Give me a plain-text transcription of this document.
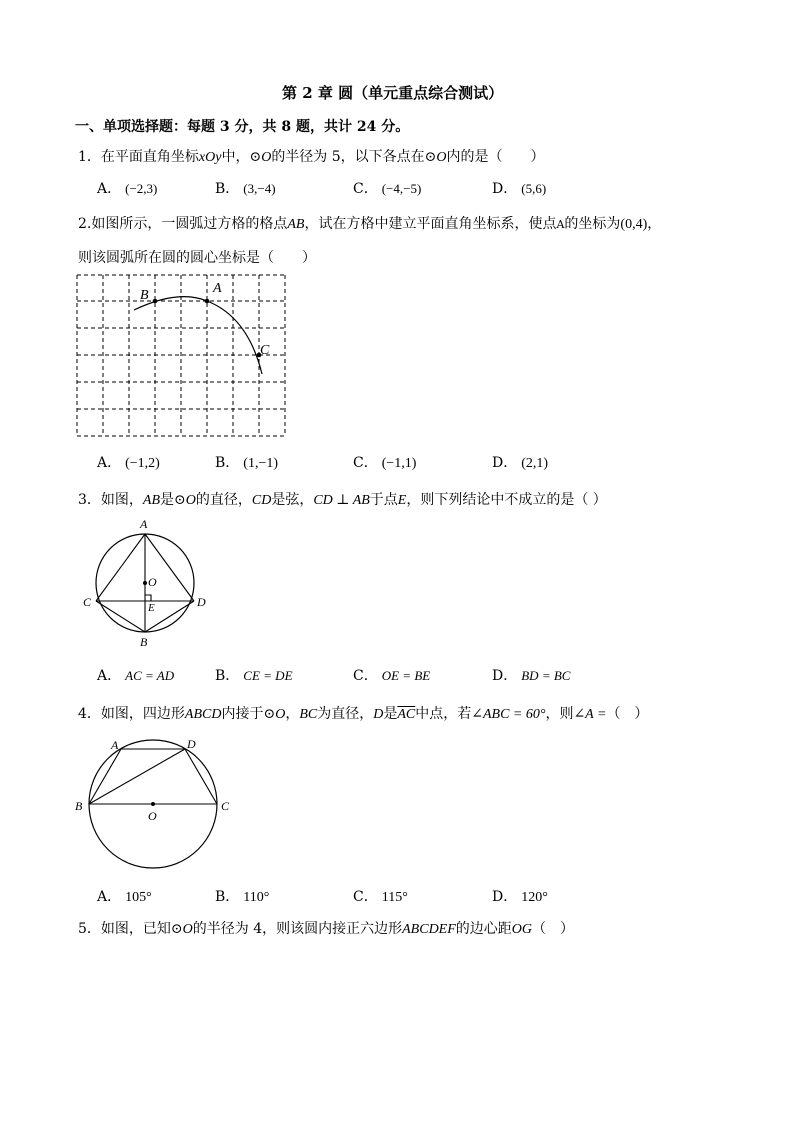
第 2 章 圆（单元重点综合测试）
一、单项选择题：每题 3 分，共 8 题，共计 24 分。
1．在平面直角坐标xOy中，⊙O的半径为 5，以下各点在⊙O内的是（　　）
A． (−2,3)	B． (3,−4)	C． (−4,−5)	D． (5,6)
2.如图所示，一圆弧过方格的格点AB，试在方格中建立平面直角坐标系，使点A的坐标为(0,4)，
则该圆弧所在圆的圆心坐标是（　　）
B	A
C
A． (−1,2)	B． (1,−1)	C． (−1,1)	D． (2,1)
3．如图，AB是⊙O的直径，CD是弦，CD ⊥ AB于点E，则下列结论中不成立的是（ ）
A
B
C	D
O
E
A． AC = AD	B． CE = DE	C． OE = BE	D． BD = BC
4．如图，四边形ABCD内接于⊙O，BC为直径，D是$\overline{AC}$中点，若∠ABC = 60°，则∠A =（　）
A	D
B	C
O
A． 105°	B． 110°	C． 115°	D． 120°
5．如图，已知⊙O的半径为 4，则该圆内接正六边形ABCDEF的边心距OG（　）
